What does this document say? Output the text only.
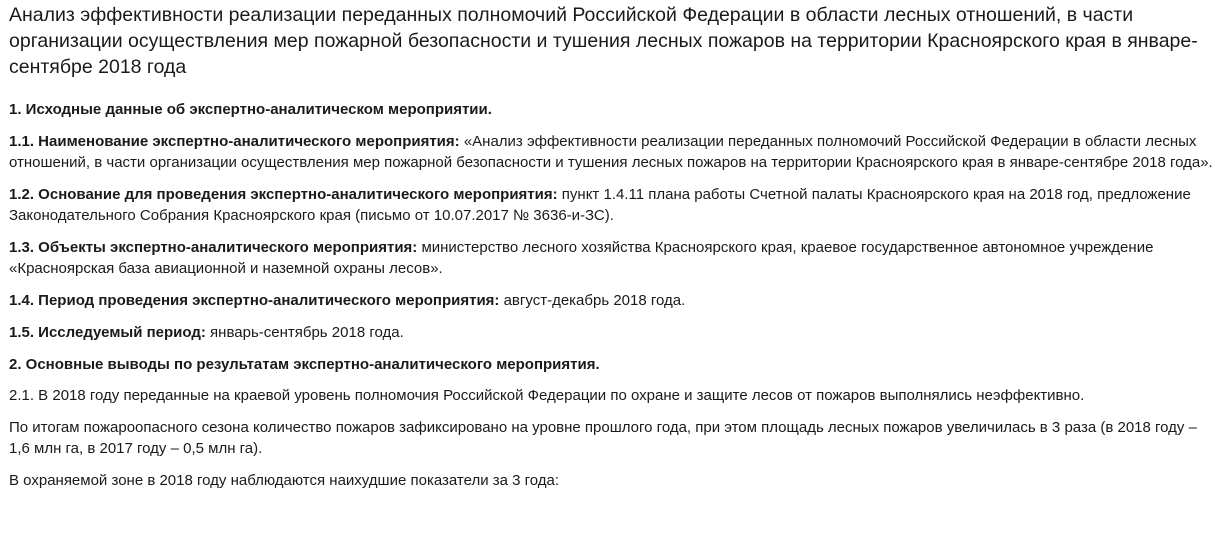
Анализ эффективности реализации переданных полномочий Российской Федерации в области лесных отношений, в части организации осуществления мер пожарной безопасности и тушения лесных пожаров на территории Красноярского края в январе-сентябре 2018 года

1. Исходные данные об экспертно-аналитическом мероприятии.

1.1. Наименование экспертно-аналитического мероприятия: «Анализ эффективности реализации переданных полномочий Российской Федерации в области лесных отношений, в части организации осуществления мер пожарной безопасности и тушения лесных пожаров на территории Красноярского края в январе-сентябре 2018 года».

1.2. Основание для проведения экспертно-аналитического мероприятия: пункт 1.4.11 плана работы Счетной палаты Красноярского края на 2018 год, предложение Законодательного Собрания Красноярского края (письмо от 10.07.2017 № 3636-и-ЗС).

1.3. Объекты экспертно-аналитического мероприятия: министерство лесного хозяйства Красноярского края, краевое государственное автономное учреждение «Красноярская база авиационной и наземной охраны лесов».

1.4. Период проведения экспертно-аналитического мероприятия: август-декабрь 2018 года.

1.5. Исследуемый период: январь-сентябрь 2018 года.

2. Основные выводы по результатам экспертно-аналитического мероприятия.

2.1. В 2018 году переданные на краевой уровень полномочия Российской Федерации по охране и защите лесов от пожаров выполнялись неэффективно.

По итогам пожароопасного сезона количество пожаров зафиксировано на уровне прошлого года, при этом площадь лесных пожаров увеличилась в 3 раза (в 2018 году – 1,6 млн га, в 2017 году – 0,5 млн га).

В охраняемой зоне в 2018 году наблюдаются наихудшие показатели за 3 года:
